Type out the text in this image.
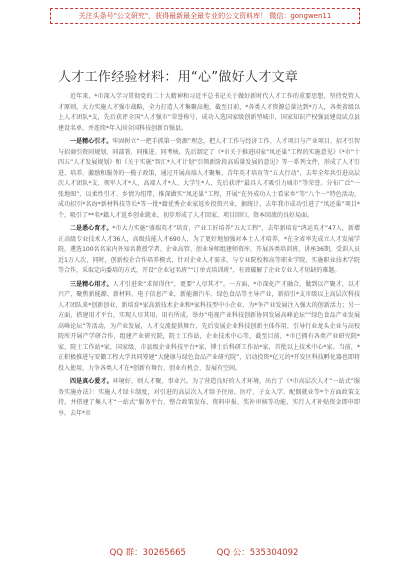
关注头条号"公文研究"，获得最新最全最专业的公文资料库！ 微信：gongwen11
人才工作经验材料：用“心”做好人才文章

近年来，*市深入学习贯彻党的二十大精神和习近平总书记关于做好新时代人才工作的重要思想，坚持党管人才原则，大力实施人才强市战略，全力打造人才集聚高地，截至目前，*各类人才资源总量达到*万人，各类省级以上人才团队*支，先后获评全国“人才强市”荣誉称号，成功入选国家级创新型城市，国家知识产权强县建设试点县建设名单，并连续*年入围全国科技创新百强县。

一是精心引才。牢固树立“一把手抓第一资源”理念，把人才工作与经济工作、人才项目与产业项目、招才引智与招商引资同规划、同部署、同推进、同考核。先后制定了《*市关于推进国家“凤还巢”工程的实施意见》《*市“十四五”人才发展规划》和《关于实施“智汇*人才计划”引领新阶段高质量发展的意见》等一系列文件，形成了人才引进、培养、激励和服务的一揽子政策，通过开展高端人才聚集、青年英才培育等“五大行动”，去年全年共引进高层次人才团队*支、领军人才*人、高端人才*人、大学生*人，先后获评“最具人才吸引力城市”等荣誉。分布广泛“一张地图”、以柔性引才、乡情为纽带，推深做实“凤还巢”工程，开展“在外成功人士看家乡”等“八个一”特色活动，成功招引*名海*新材科技等长*等一批*籍优秀企业家返乡投资兴业，据统计，去年我市成功引进了“凤还巢”项目*个，吸引了**名*籍人才返乡创业就业，初步形成了人才回家、项目回归、资本回流的良好局面。

二是悉心育才。*市大力实施“盛瑞英才”培育，产业工匠培养“五大工程”，去年新培育“鸿运英才”47人，新增正高级专业技术人才36人，高级技能人才690人，为了更好地加强对本土人才培养，*在全省率先成立人才发展学院，遴选100名名家内外知名教授学者、企业高管、创业导师组建师资库，开展各类培训班，讲座36期，受训人员近1万人次，同时，创新校企合作培养模式，针对企业人才需求，与专业院校和高等职业学院，实施职业技术学院等合作，采取定向委培的方式，开设“企业冠名班”“订单式培训班”，有效破解了企业专业人才短缺的难题。

三是精心用才。人才引进来“求留得住”，更要“人尽其才”。一方面，*市深化产才融合，做到以产聚才，以才兴产，聚焦新能源、新材料、电子信息产业，新能源汽车、绿色食品等主导产业，新招引*支市级以上高层次科技人才团队来*创新创业，新培育*家高新技术企业和*家科技型中小企业，为*争产业发展注入强大的创新活力；另一方面，搭建用才平台，实现人尽其用，用有所成。举办“电视产业科技创新协同发展高峰论坛”“绿色食品产业发展高峰论坛”等活动，为产业发展，人才交流提供舞台，先后发展企业科技创新主体作用，引导行业龙头企业与高校院所开展产学研合作，组建产业研究院，院士工作站，企业技术中心等，截至目前，*市已拥有各类产业研究院*家，院士工作站*家，国家级、市县级企业科技平台*家，博士后科研工作站*家，首批以上技术中心*家。当前，*正积极推进与安徽工程大学共同筹建“大健康与绿色食品产业研究院”，启动投资*亿元的*开发区科技孵化器也即将投入使用，力争各类人才在*创新有舞台、创业有机会、发展有空间。

四是真心爱才。环境好，则人才聚、事业兴。为了营造良好的人才环境，出台了《*市高层次人才“一站式”服务实施办法》：实施人才绿卡制度，对引进的高层次人才给予住房、医疗、子女入学、配偶就业等*个方面政策支持，并搭建了集人才“一站式”服务平台，整合政策发布、资料申报、奖补审核等功能，实行人才补贴资金即申即享。去年*市

QQ 群：30265665	QQ 公：535304092
